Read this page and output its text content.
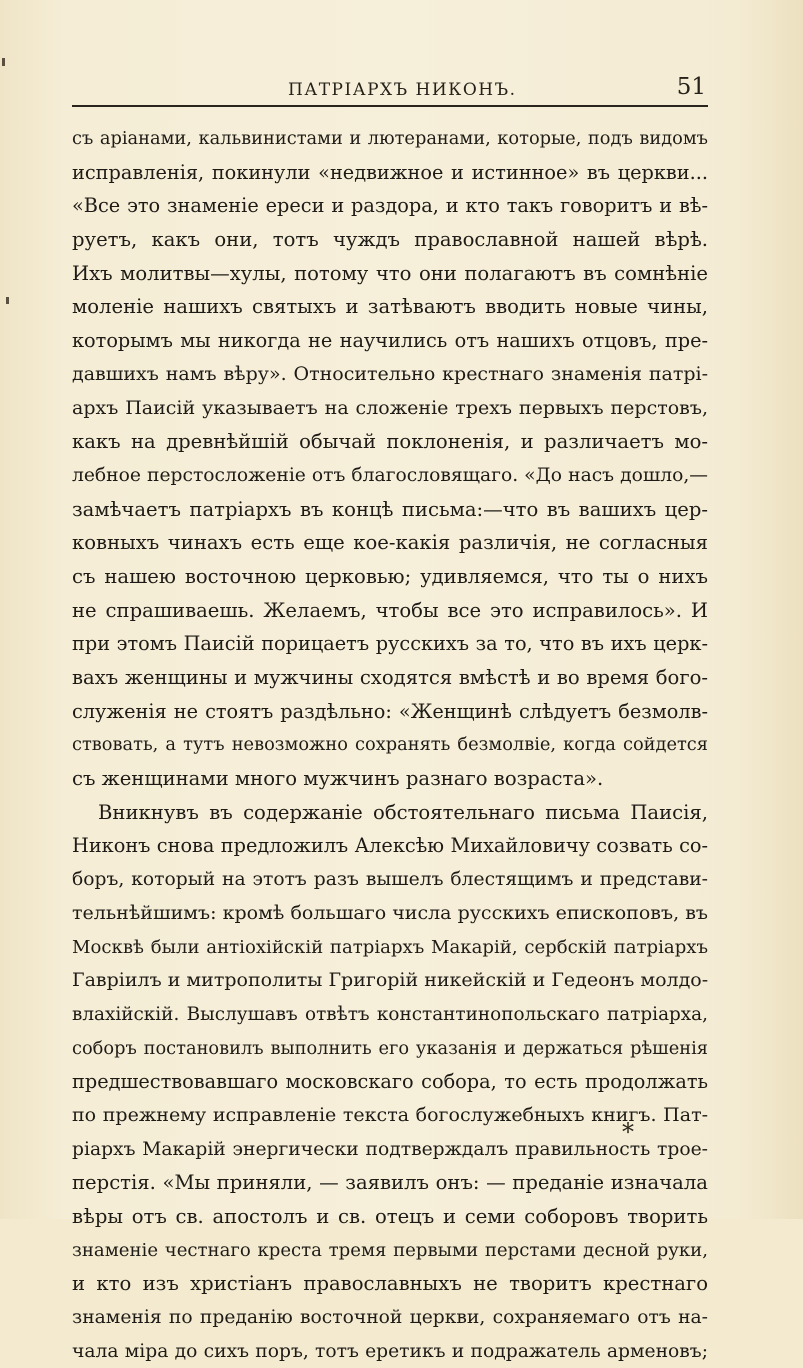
ПАТРІАРХЪ НИКОНЪ.	51
съ аріанами, кальвинистами и лютеранами, которые, подъ видомъ
исправленія, покинули «недвижное и истинное» въ церкви...
«Все это знаменіе ереси и раздора, и кто такъ говоритъ и вѣ-
руетъ, какъ они, тотъ чуждъ православной нашей вѣрѣ.
Ихъ молитвы—хулы, потому что они полагаютъ въ сомнѣніе
моленіе нашихъ святыхъ и затѣваютъ вводить новые чины,
которымъ мы никогда не научились отъ нашихъ отцовъ, пре-
давшихъ намъ вѣру». Относительно крестнаго знаменія патрі-
архъ Паисій указываетъ на сложеніе трехъ первыхъ перстовъ,
какъ на древнѣйшій обычай поклоненія, и различаетъ мо-
лебное перстосложеніе отъ благословящаго. «До насъ дошло,—
замѣчаетъ патріархъ въ концѣ письма:—что въ вашихъ цер-
ковныхъ чинахъ есть еще кое-какія различія, не согласныя
съ нашею восточною церковью; удивляемся, что ты о нихъ
не спрашиваешь. Желаемъ, чтобы все это исправилось». И
при этомъ Паисій порицаетъ русскихъ за то, что въ ихъ церк-
вахъ женщины и мужчины сходятся вмѣстѣ и во время бого-
служенія не стоятъ раздѣльно: «Женщинѣ слѣдуетъ безмолв-
ствовать, а тутъ невозможно сохранять безмолвіе, когда сойдется
съ женщинами много мужчинъ разнаго возраста».
Вникнувъ въ содержаніе обстоятельнаго письма Паисія,
Никонъ снова предложилъ Алексѣю Михайловичу созвать со-
боръ, который на этотъ разъ вышелъ блестящимъ и представи-
тельнѣйшимъ: кромѣ большаго числа русскихъ епископовъ, въ
Москвѣ были антіохійскій патріархъ Макарій, сербскій патріархъ
Гавріилъ и митрополиты Григорій никейскій и Гедеонъ молдо-
влахійскій. Выслушавъ отвѣтъ константинопольскаго патріарха,
соборъ постановилъ выполнить его указанія и держаться рѣшенія
предшествовавшаго московскаго собора, то есть продолжать
по прежнему исправленіе текста богослужебныхъ книгъ. Пат-
ріархъ Макарій энергически подтверждалъ правильность трое-
перстія. «Мы приняли, — заявилъ онъ: — преданіе изначала
вѣры отъ св. апостолъ и св. отецъ и семи соборовъ творить
знаменіе честнаго креста тремя первыми перстами десной руки,
и кто изъ христіанъ православныхъ не творитъ крестнаго
знаменія по преданію восточной церкви, сохраняемаго отъ на-
чала міра до сихъ поръ, тотъ еретикъ и подражатель арменовъ;
*
